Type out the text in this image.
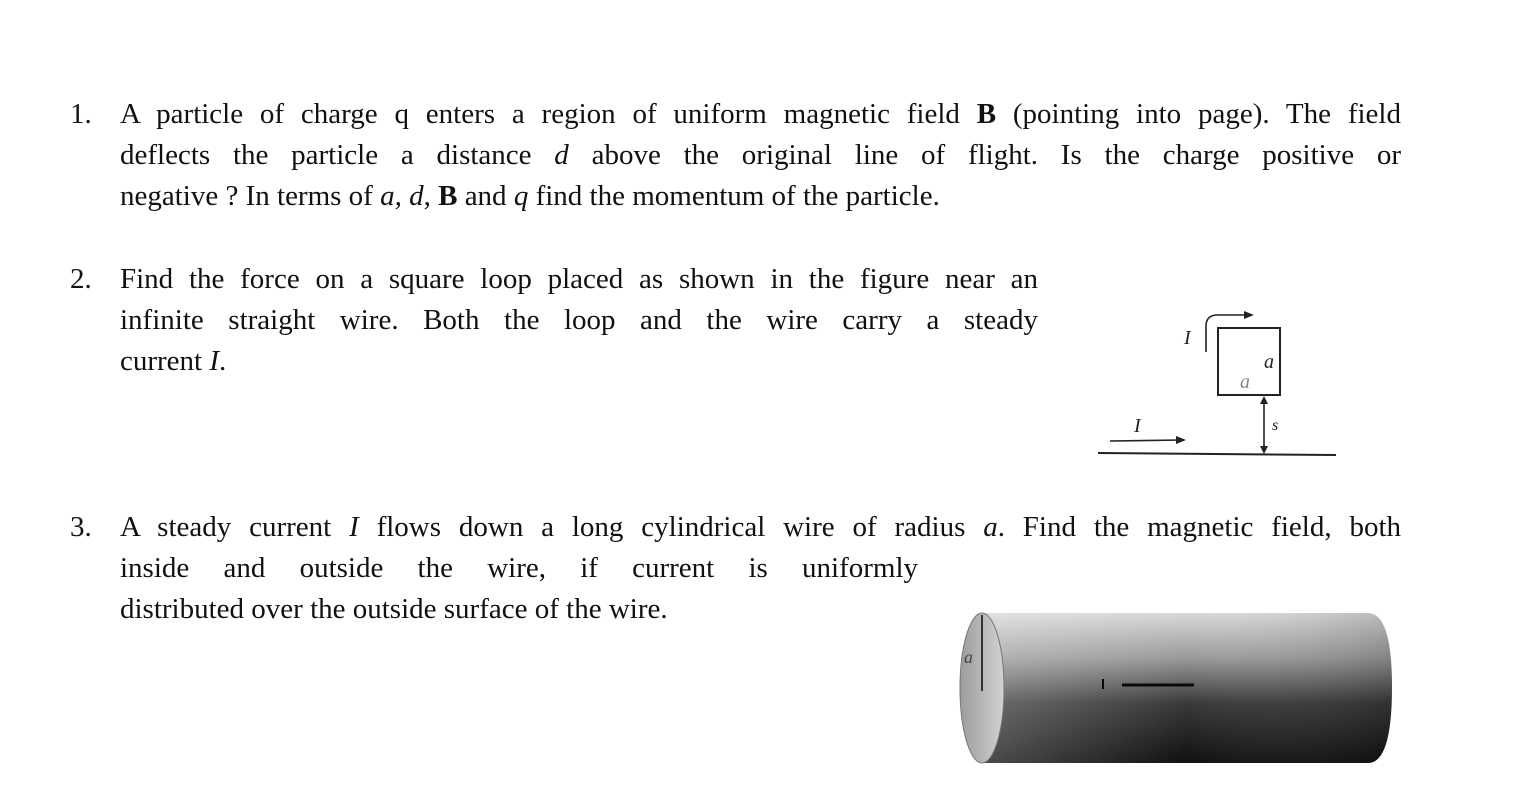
1. A particle of charge q enters a region of uniform magnetic field B (pointing into page). The field
deflects the particle a distance d above the original line of flight. Is the charge positive or
negative ? In terms of a, d, B and q find the momentum of the particle.
2. Find the force on a square loop placed as shown in the figure near an
infinite straight wire. Both the loop and the wire carry a steady
current I.
I
I
a
a
s
3. A steady current I flows down a long cylindrical wire of radius a. Find the magnetic field, both
inside and outside the wire, if current is uniformly
distributed over the outside surface of the wire.
a
